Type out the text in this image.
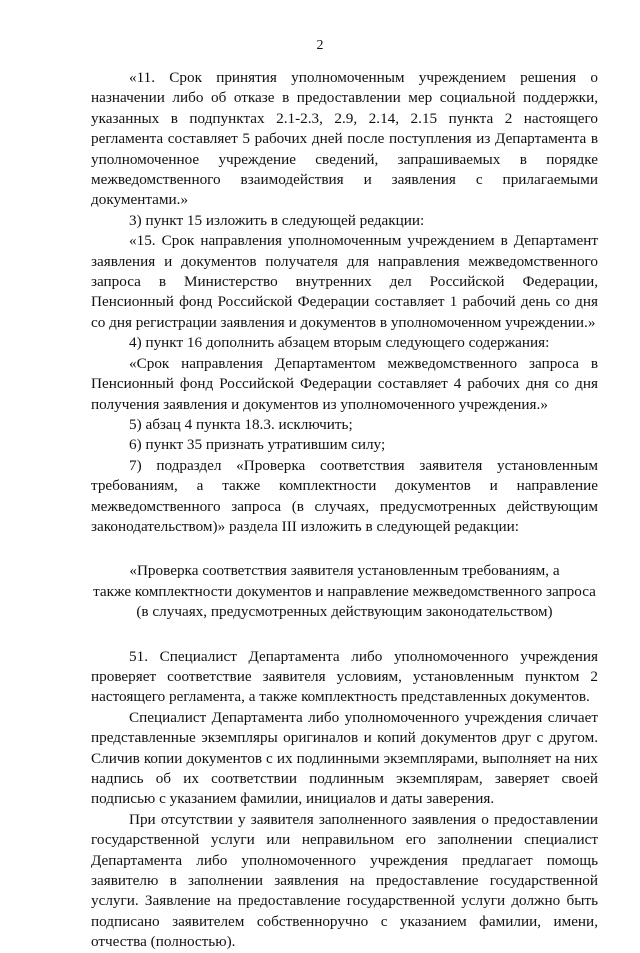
2

«11. Срок принятия уполномоченным учреждением решения о назначении либо об отказе в предоставлении мер социальной поддержки, указанных в подпунктах 2.1-2.3, 2.9, 2.14, 2.15 пункта 2 настоящего регламента составляет 5 рабочих дней после поступления из Департамента в уполномоченное учреждение сведений, запрашиваемых в порядке межведомственного взаимодействия и заявления с прилагаемыми документами.»

3) пункт 15 изложить в следующей редакции:

«15. Срок направления уполномоченным учреждением в Департамент заявления и документов получателя для направления межведомственного запроса в Министерство внутренних дел Российской Федерации, Пенсионный фонд Российской Федерации составляет 1 рабочий день со дня со дня регистрации заявления и документов в уполномоченном учреждении.»

4) пункт 16 дополнить абзацем вторым следующего содержания:

«Срок направления Департаментом межведомственного запроса в Пенсионный фонд Российской Федерации составляет 4 рабочих дня со дня получения заявления и документов из уполномоченного учреждения.»

5) абзац 4 пункта 18.3. исключить;

6) пункт 35 признать утратившим силу;

7) подраздел «Проверка соответствия заявителя установленным требованиям, а также комплектности документов и направление межведомственного запроса (в случаях, предусмотренных действующим законодательством)» раздела III изложить в следующей редакции:

«Проверка соответствия заявителя установленным требованиям, а
также комплектности документов и направление межведомственного запроса
(в случаях, предусмотренных действующим законодательством)

51. Специалист Департамента либо уполномоченного учреждения проверяет соответствие заявителя условиям, установленным пунктом 2 настоящего регламента, а также комплектность представленных документов.

Специалист Департамента либо уполномоченного учреждения сличает представленные экземпляры оригиналов и копий документов друг с другом. Сличив копии документов с их подлинными экземплярами, выполняет на них надпись об их соответствии подлинным экземплярам, заверяет своей подписью с указанием фамилии, инициалов и даты заверения.

При отсутствии у заявителя заполненного заявления о предоставлении государственной услуги или неправильном его заполнении специалист Департамента либо уполномоченного учреждения предлагает помощь заявителю в заполнении заявления на предоставление государственной услуги. Заявление на предоставление государственной услуги должно быть подписано заявителем собственноручно с указанием фамилии, имени, отчества (полностью).
